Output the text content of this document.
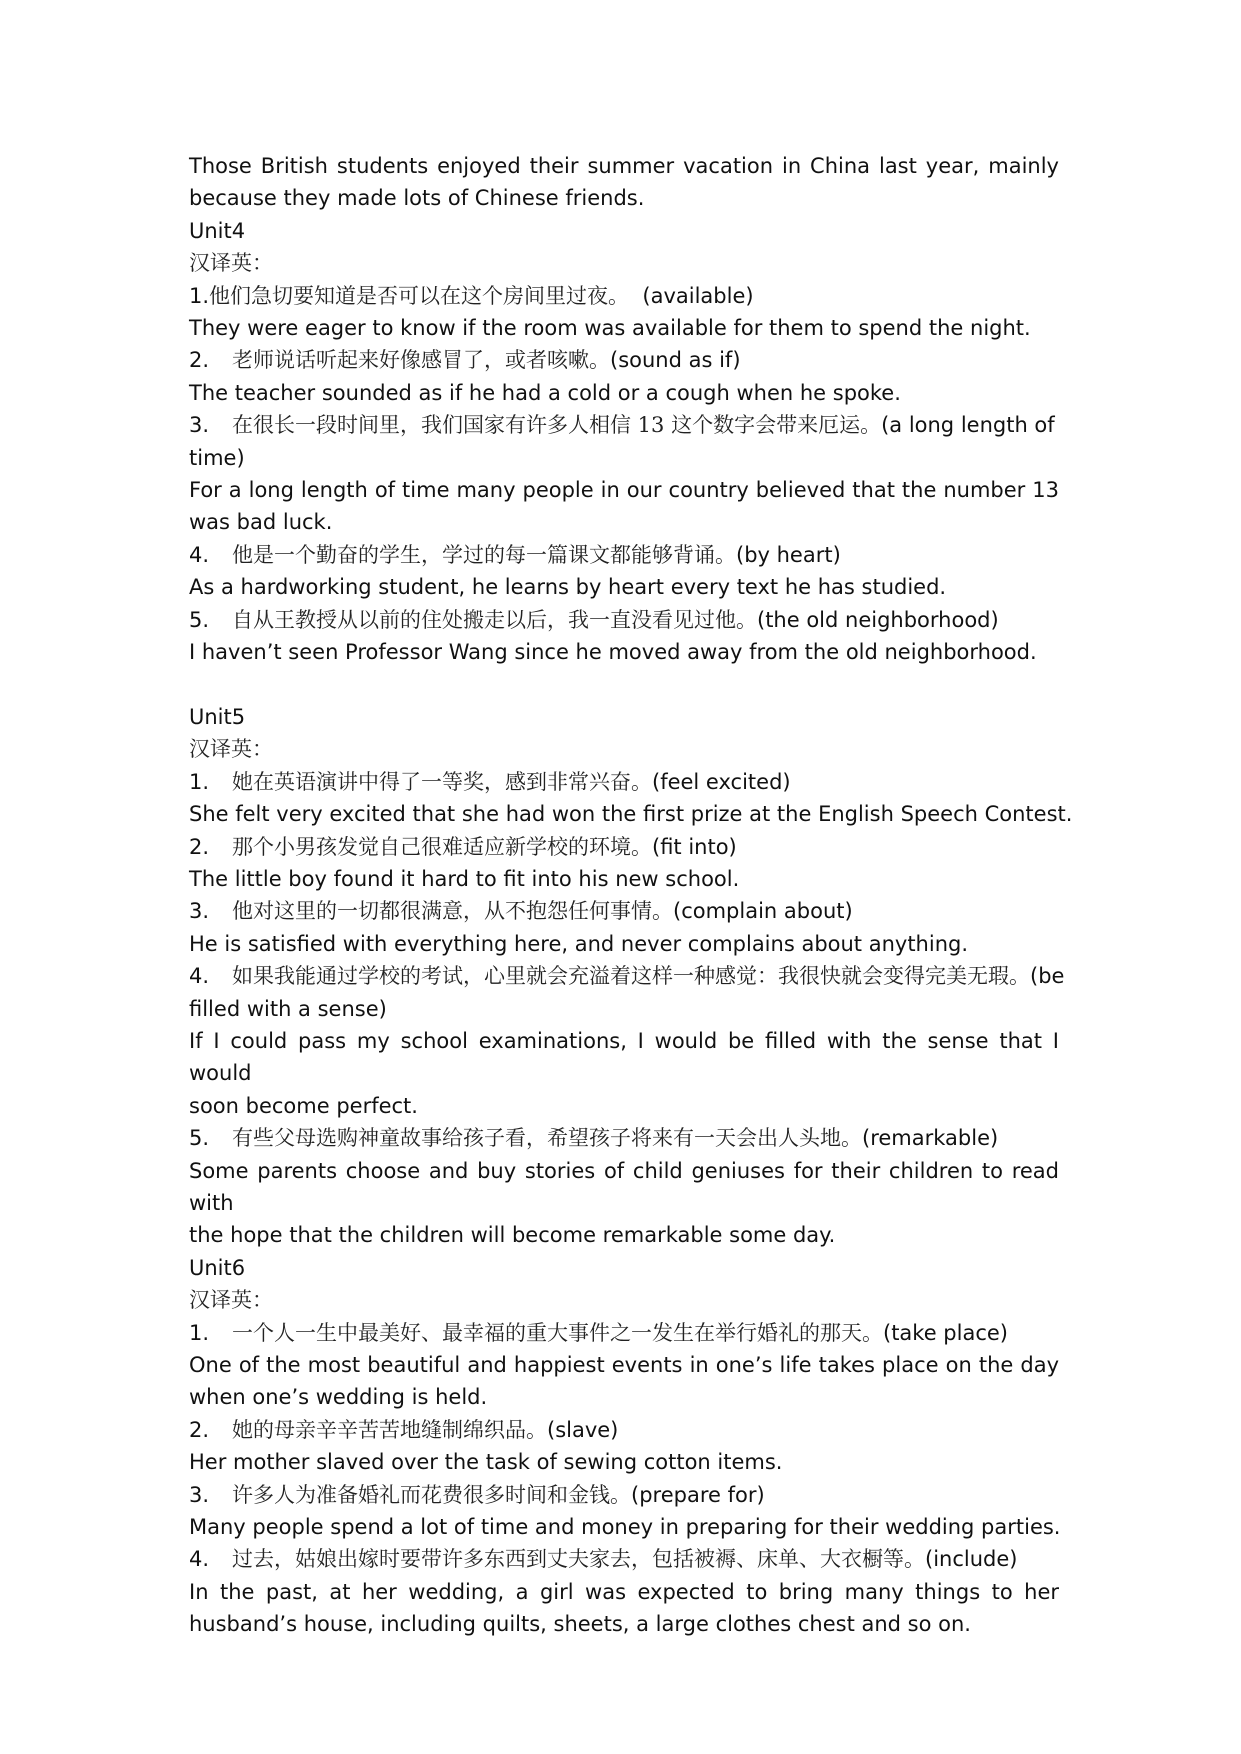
Those British students enjoyed their summer vacation in China last year, mainly
because they made lots of Chinese friends.
Unit4
汉译英：
1.他们急切要知道是否可以在这个房间里过夜。 (available)
They were eager to know if the room was available for them to spend the night.
2. 老师说话听起来好像感冒了，或者咳嗽。(sound as if)
The teacher sounded as if he had a cold or a cough when he spoke.
3. 在很长一段时间里，我们国家有许多人相信 13 这个数字会带来厄运。(a long length of
time)
For a long length of time many people in our country believed that the number 13
was bad luck.
4. 他是一个勤奋的学生，学过的每一篇课文都能够背诵。(by heart)
As a hardworking student, he learns by heart every text he has studied.
5. 自从王教授从以前的住处搬走以后，我一直没看见过他。(the old neighborhood)
I haven’t seen Professor Wang since he moved away from the old neighborhood.
Unit5
汉译英：
1. 她在英语演讲中得了一等奖，感到非常兴奋。(feel excited)
She felt very excited that she had won the first prize at the English Speech Contest.
2. 那个小男孩发觉自己很难适应新学校的环境。(fit into)
The little boy found it hard to fit into his new school.
3. 他对这里的一切都很满意，从不抱怨任何事情。(complain about)
He is satisfied with everything here, and never complains about anything.
4. 如果我能通过学校的考试，心里就会充溢着这样一种感觉：我很快就会变得完美无瑕。(be
filled with a sense)
If I could pass my school examinations, I would be filled with the sense that I would
soon become perfect.
5. 有些父母选购神童故事给孩子看，希望孩子将来有一天会出人头地。(remarkable)
Some parents choose and buy stories of child geniuses for their children to read with
the hope that the children will become remarkable some day.
Unit6
汉译英：
1. 一个人一生中最美好、最幸福的重大事件之一发生在举行婚礼的那天。(take place)
One of the most beautiful and happiest events in one’s life takes place on the day
when one’s wedding is held.
2. 她的母亲辛辛苦苦地缝制绵织品。(slave)
Her mother slaved over the task of sewing cotton items.
3. 许多人为准备婚礼而花费很多时间和金钱。(prepare for)
Many people spend a lot of time and money in preparing for their wedding parties.
4. 过去，姑娘出嫁时要带许多东西到丈夫家去，包括被褥、床单、大衣橱等。(include)
In the past, at her wedding, a girl was expected to bring many things to her
husband’s house, including quilts, sheets, a large clothes chest and so on.
